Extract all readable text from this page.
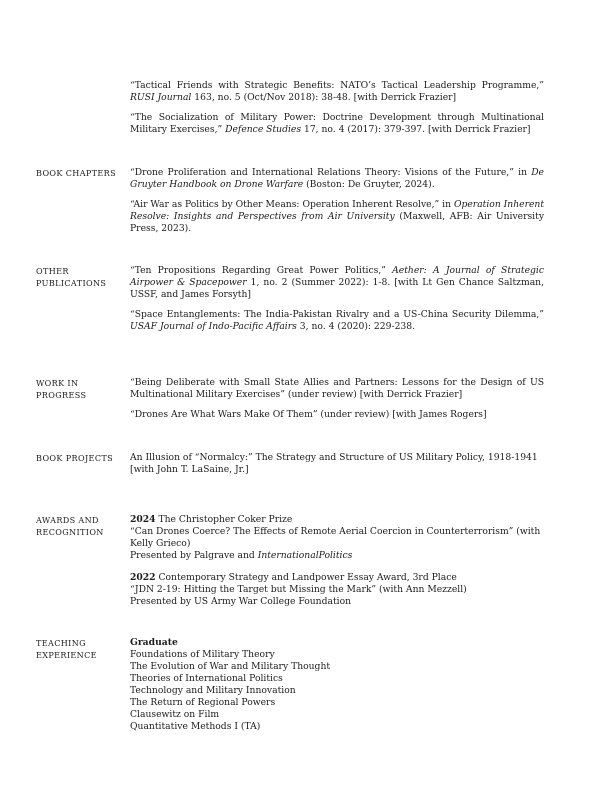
“Tactical Friends with Strategic Benefits: NATO’s Tactical Leadership Programme,” RUSI Journal 163, no. 5 (Oct/Nov 2018): 38-48. [with Derrick Frazier]

“The Socialization of Military Power: Doctrine Development through Multinational Military Exercises,” Defence Studies 17, no. 4 (2017): 379-397. [with Derrick Frazier]

BOOK CHAPTERS	“Drone Proliferation and International Relations Theory: Visions of the Future,” in De Gruyter Handbook on Drone Warfare (Boston: De Gruyter, 2024).

“Air War as Politics by Other Means: Operation Inherent Resolve,” in Operation Inherent Resolve: Insights and Perspectives from Air University (Maxwell, AFB: Air University Press, 2023).

OTHER
PUBLICATIONS

“Ten Propositions Regarding Great Power Politics,” Aether: A Journal of Strategic Airpower & Spacepower 1, no. 2 (Summer 2022): 1-8. [with Lt Gen Chance Saltzman, USSF, and James Forsyth]

“Space Entanglements: The India-Pakistan Rivalry and a US-China Security Dilemma,” USAF Journal of Indo-Pacific Affairs 3, no. 4 (2020): 229-238.

WORK IN
PROGRESS

“Being Deliberate with Small State Allies and Partners: Lessons for the Design of US Multinational Military Exercises” (under review) [with Derrick Frazier]

“Drones Are What Wars Make Of Them” (under review) [with James Rogers]

BOOK PROJECTS	An Illusion of “Normalcy:” The Strategy and Structure of US Military Policy, 1918-1941
[with John T. LaSaine, Jr.]
AWARDS AND
RECOGNITION
2024 The Christopher Coker Prize
“Can Drones Coerce? The Effects of Remote Aerial Coercion in Counterterrorism” (with Kelly Grieco)
Presented by Palgrave and InternationalPolitics
2022 Contemporary Strategy and Landpower Essay Award, 3rd Place
“JDN 2-19: Hitting the Target but Missing the Mark” (with Ann Mezzell)
Presented by US Army War College Foundation
TEACHING
EXPERIENCE
Graduate
Foundations of Military Theory
The Evolution of War and Military Thought
Theories of International Politics
Technology and Military Innovation
The Return of Regional Powers
Clausewitz on Film
Quantitative Methods I (TA)
